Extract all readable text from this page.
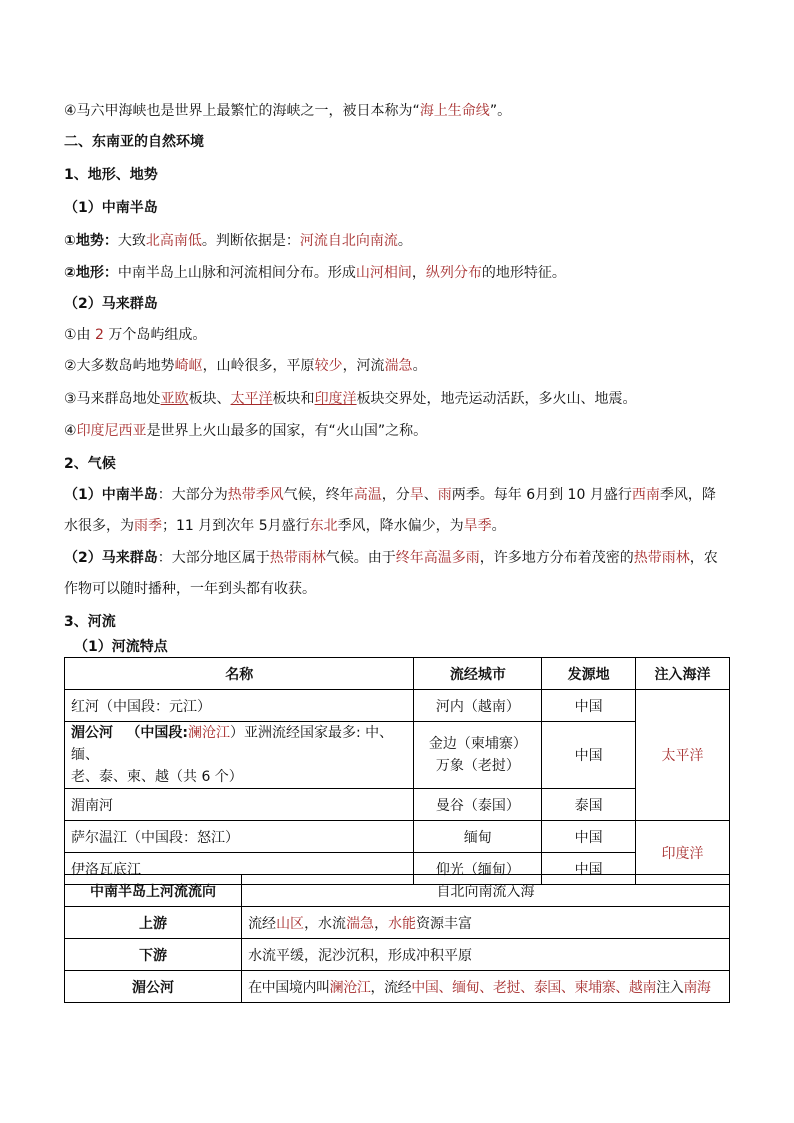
④马六甲海峡也是世界上最繁忙的海峡之一，被日本称为“海上生命线”。
二、东南亚的自然环境
1、地形、地势
（1）中南半岛
①地势：大致北高南低。判断依据是：河流自北向南流。
②地形：中南半岛上山脉和河流相间分布。形成山河相间，纵列分布的地形特征。
（2）马来群岛
①由 2 万个岛屿组成。
②大多数岛屿地势崎岖，山岭很多，平原较少，河流湍急。
③马来群岛地处亚欧板块、太平洋板块和印度洋板块交界处，地壳运动活跃，多火山、地震。
④印度尼西亚是世界上火山最多的国家，有“火山国”之称。
2、气候
（1）中南半岛：大部分为热带季风气候，终年高温，分旱、雨两季。每年 6月到 10 月盛行西南季风，降
水很多，为雨季；11 月到次年 5月盛行东北季风，降水偏少，为旱季。
（2）马来群岛：大部分地区属于热带雨林气候。由于终年高温多雨，许多地方分布着茂密的热带雨林，农
作物可以随时播种，一年到头都有收获。
3、河流
（1）河流特点
名称	流经城市	发源地	注入海洋
红河（中国段：元江）	河内（越南）	中国	太平洋
湄公河 （中国段:澜沧江）亚洲流经国家最多: 中、缅、
老、泰、柬、越（共 6 个）	金边（柬埔寨）
万象（老挝）	中国	
湄南河	曼谷（泰国）	泰国	
萨尔温江（中国段：怒江）	缅甸	中国	印度洋
伊洛瓦底江	仰光（缅甸）	中国	
中南半岛上河流流向	自北向南流入海
上游	流经山区，水流湍急，水能资源丰富
下游	水流平缓，泥沙沉积，形成冲积平原
湄公河	在中国境内叫澜沧江，流经中国、缅甸、老挝、泰国、柬埔寨、越南注入南海
